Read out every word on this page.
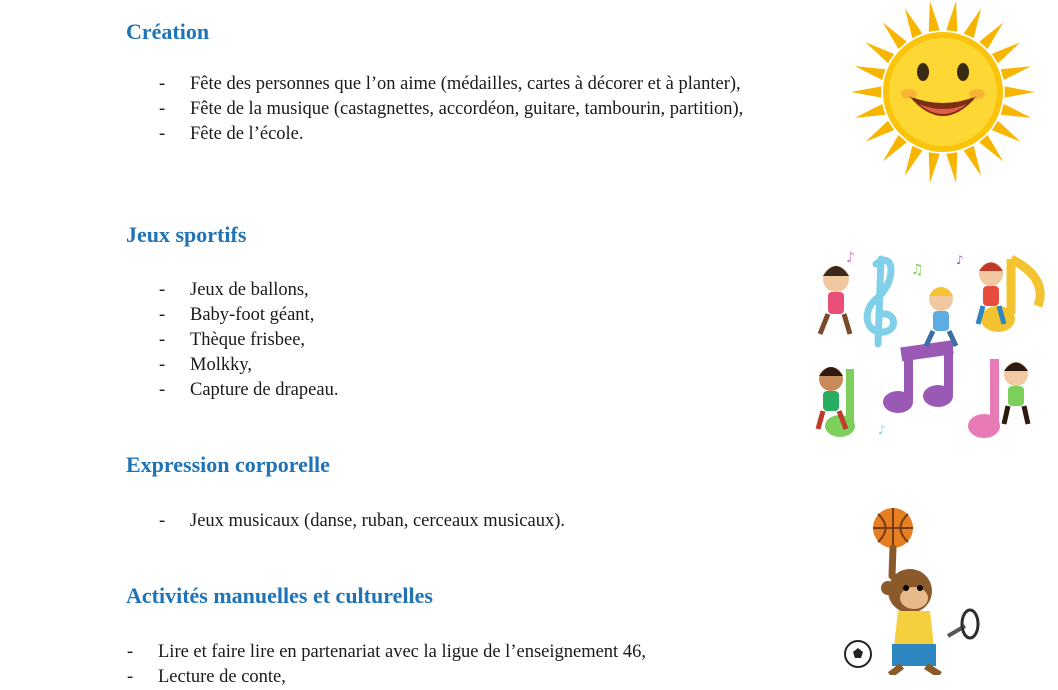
Création
- Fête des personnes que l’on aime (médailles, cartes à décorer et à planter),
- Fête de la musique (castagnettes, accordéon, guitare, tambourin, partition),
- Fête de l’école.
Jeux sportifs
- Jeux de ballons,
- Baby-foot géant,
- Thèque frisbee,
- Molkky,
- Capture de drapeau.
Expression corporelle
- Jeux musicaux (danse, ruban, cerceaux musicaux).
Activités manuelles et culturelles
- Lire et faire lire en partenariat avec la ligue de l’enseignement 46,
- Lecture de conte,
♪
♫
♪
♪
